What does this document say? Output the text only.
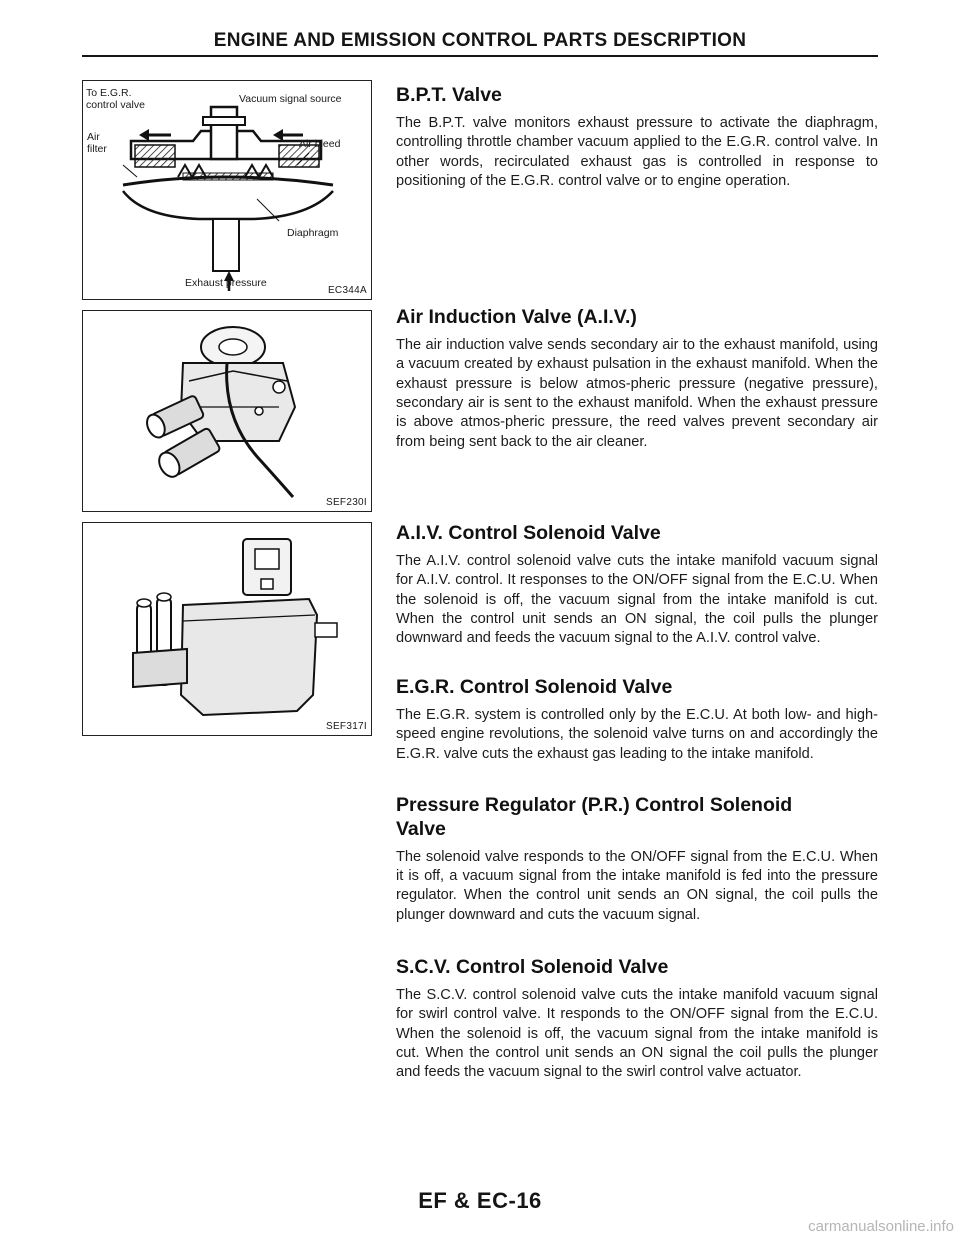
ENGINE AND EMISSION CONTROL PARTS DESCRIPTION
To E.G.R.
control valve
Vacuum signal source
Air
filter	Air bleed
Diaphragm
Exhaust pressure
EC344A
SEF230I
SEF317I
B.P.T. Valve

The B.P.T. valve monitors exhaust pressure to activate the diaphragm, controlling throttle chamber vacuum applied to the E.G.R. control valve. In other words, recirculated exhaust gas is controlled in response to positioning of the E.G.R. control valve or to engine operation.

Air Induction Valve (A.I.V.)

The air induction valve sends secondary air to the exhaust manifold, using a vacuum created by exhaust pulsation in the exhaust manifold. When the exhaust pressure is below atmos-pheric pressure (negative pressure), secondary air is sent to the exhaust manifold. When the exhaust pressure is above atmos-pheric pressure, the reed valves prevent secondary air from being sent back to the air cleaner.

A.I.V. Control Solenoid Valve

The A.I.V. control solenoid valve cuts the intake manifold vacuum signal for A.I.V. control. It responses to the ON/OFF signal from the E.C.U. When the solenoid is off, the vacuum signal from the intake manifold is cut. When the control unit sends an ON signal, the coil pulls the plunger downward and feeds the vacuum signal to the A.I.V. control valve.

E.G.R. Control Solenoid Valve

The E.G.R. system is controlled only by the E.C.U. At both low- and high-speed engine revolutions, the solenoid valve turns on and accordingly the E.G.R. valve cuts the exhaust gas leading to the intake manifold.

Pressure Regulator (P.R.) Control Solenoid Valve

The solenoid valve responds to the ON/OFF signal from the E.C.U. When it is off, a vacuum signal from the intake manifold is fed into the pressure regulator. When the control unit sends an ON signal, the coil pulls the plunger downward and cuts the vacuum signal.

S.C.V. Control Solenoid Valve

The S.C.V. control solenoid valve cuts the intake manifold vacuum signal for swirl control valve. It responds to the ON/OFF signal from the E.C.U. When the solenoid is off, the vacuum signal from the intake manifold is cut. When the control unit sends an ON signal the coil pulls the plunger and feeds the vacuum signal to the swirl control valve actuator.

EF & EC-16
carmanualsonline.info
